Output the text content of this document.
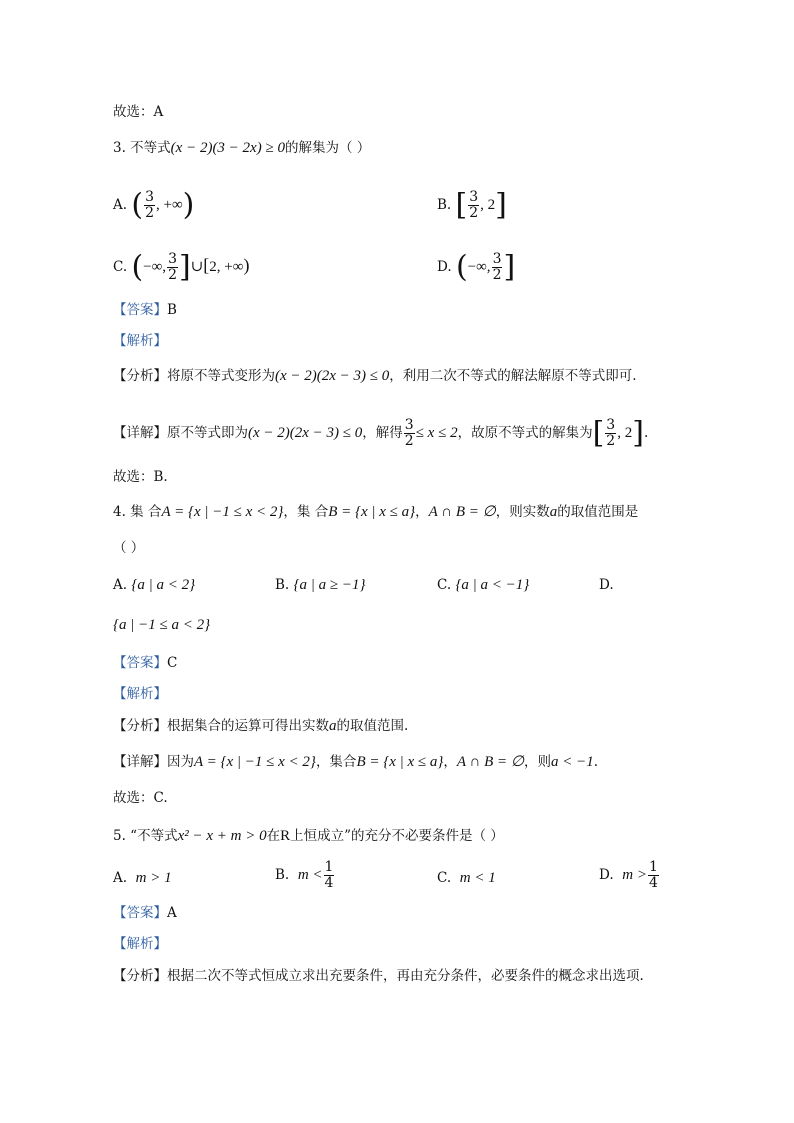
故选：A
3. 不等式(x − 2)(3 − 2x) ≥ 0的解集为（ ）
A. ( $\frac{3}{2}$ , +∞)	B. [ $\frac{3}{2}$ , 2]
C. (−∞, $\frac{3}{2}$ ]∪[2, +∞)	D. (−∞, $\frac{3}{2}$ ]
【答案】B
【解析】
【分析】将原不等式变形为(x − 2)(2x − 3) ≤ 0，利用二次不等式的解法解原不等式即可.
【详解】原不等式即为(x − 2)(2x − 3) ≤ 0，解得 $\frac{3}{2} \le x \le 2$，故原不等式的解集为[ $\frac{3}{2}$ , 2].
故选：B.
4. 集 合A = {x | −1 ≤ x < 2}，集 合B = {x | x ≤ a}，A ∩ B = ∅，则实数a的取值范围是
（ ）
A. {a | a < 2}	B. {a | a ≥ −1}	C. {a | a < −1}	D.
{a | −1 ≤ a < 2}
【答案】C
【解析】
【分析】根据集合的运算可得出实数a的取值范围.
【详解】因为A = {x | −1 ≤ x < 2}，集合B = {x | x ≤ a}，A ∩ B = ∅，则a < −1.
故选：C.
5. “不等式x² − x + m > 0在R上恒成立”的充分不必要条件是（ ）
A. m > 1	B. $m < \frac{1}{4}$	C. m < 1	D. $m > \frac{1}{4}$
【答案】A
【解析】
【分析】根据二次不等式恒成立求出充要条件，再由充分条件，必要条件的概念求出选项.
